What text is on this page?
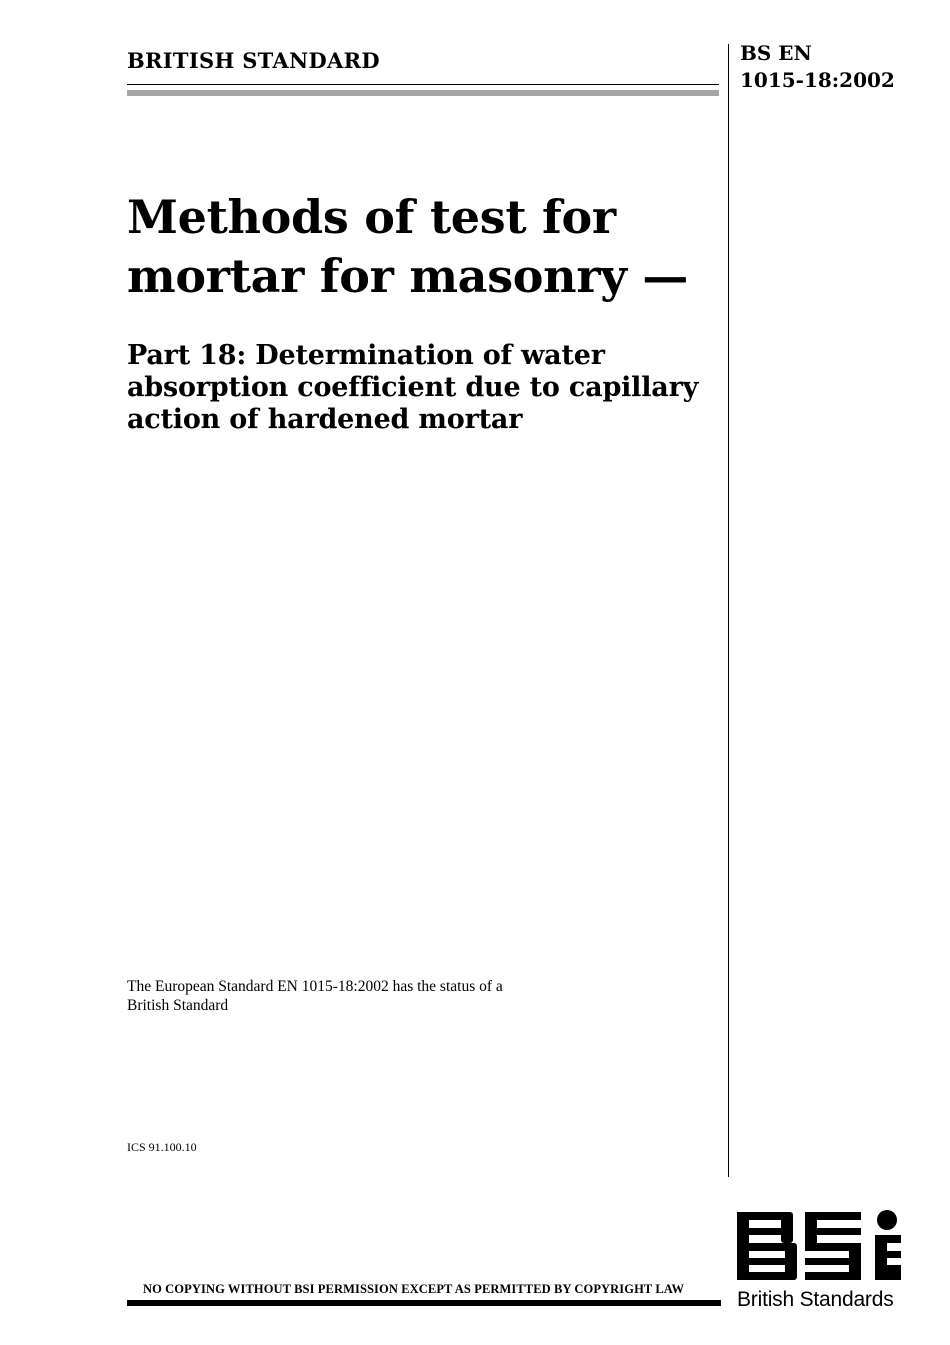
BRITISH STANDARD	BS EN
1015-18:2002
Methods of test for
mortar for masonry —
Part 18: Determination of water
absorption coefficient due to capillary
action of hardened mortar
The European Standard EN 1015-18:2002 has the status of a
British Standard
ICS 91.100.10
NO COPYING WITHOUT BSI PERMISSION EXCEPT AS PERMITTED BY COPYRIGHT LAW	British Standards
